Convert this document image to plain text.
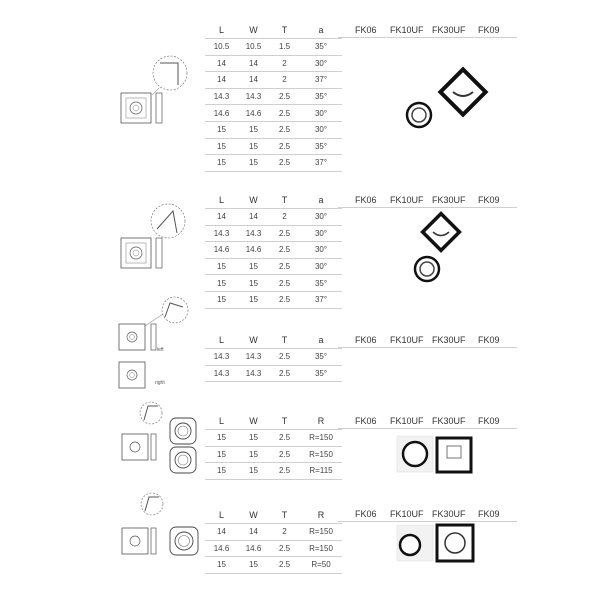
L	W	T	a
10.5	10.5	1.5	35°
14	14	2	30°
14	14	2	37°
14.3	14.3	2.5	35°
14.6	14.6	2.5	30°
15	15	2.5	30°
15	15	2.5	35°
15	15	2.5	37°
FK06 FK10UF FK30UF FK09
L	W	T	a
14	14	2	30°
14.3	14.3	2.5	30°
14.6	14.6	2.5	30°
15	15	2.5	30°
15	15	2.5	35°
15	15	2.5	37°
FK06 FK10UF FK30UF FK09
L	W	T	a
14.3	14.3	2.5	35°
14.3	14.3	2.5	35°
FK06 FK10UF FK30UF FK09
left
right
L	W	T	R
15	15	2.5	R=150
15	15	2.5	R=150
15	15	2.5	R=115
FK06 FK10UF FK30UF FK09
L	W	T	R
14	14	2	R=150
14.6	14.6	2.5	R=150
15	15	2.5	R=50
FK06 FK10UF FK30UF FK09
